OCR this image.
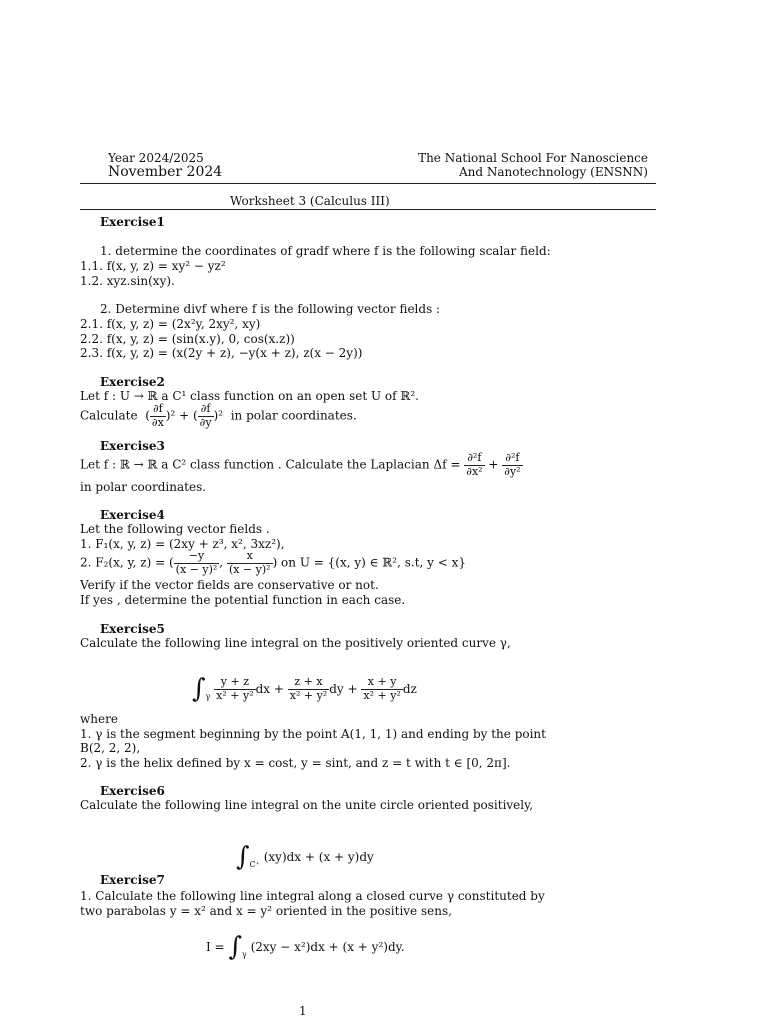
Year 2024/2025
November 2024
The National School For Nanoscience
And Nanotechnology (ENSNN)
Worksheet 3 (Calculus III)
Exercise1
1. determine the coordinates of gradf where f is the following scalar field:
1.1. f(x, y, z) = xy² − yz²
1.2. xyz.sin(xy).
2. Determine divf where f is the following vector fields :
2.1. f(x, y, z) = (2x²y, 2xy², xy)
2.2. f(x, y, z) = (sin(x.y), 0, cos(x.z))
2.3. f(x, y, z) = (x(2y + z), −y(x + z), z(x − 2y))
Exercise2
Let f : U → ℝ a C¹ class function on an open set U of ℝ².
Calculate  ( $\frac{\partial f}{\partial x} )^2$ + ( $\frac{\partial f}{\partial y} )^2$  in polar coordinates.
Exercise3
Let f : ℝ → ℝ a C² class function . Calculate the Laplacian $\Delta f = \frac{\text{∂²f}}{\text{∂x²}} + \frac{\text{∂²f}}{\text{∂y²}}$
in polar coordinates.
Exercise4
Let the following vector fields .
1. F₁(x, y, z) = (2xy + z³, x², 3xz²),
2. F₂(x, y, z) = ( $\frac{-y}{\text{(x − y)²}}$ , $\frac{x}{\text{(x − y)²}}$ ) on U = {(x, y) ∈ ℝ², s.t, y < x}
Verify if the vector fields are conservative or not.
If yes , determine the potential function in each case.
Exercise5
Calculate the following line integral on the positively oriented curve γ,
$\int_\gamma \frac{y + z}{\text{x² + y²}}$ dx + $\frac{z + x}{\text{x² + y²}}$ dy + $\frac{x + y}{\text{x² + y²}}$ dz
where
1. γ is the segment beginning by the point A(1, 1, 1) and ending by the point
B(2, 2, 2),
2. γ is the helix defined by x = cost, y = sint, and z = t with t ∈ [0, 2π].
Exercise6
Calculate the following line integral on the unite circle oriented positively,
$\int_{C^+}$ (xy)dx + (x + y)dy
Exercise7
1. Calculate the following line integral along a closed curve γ constituted by
two parabolas y = x² and x = y² oriented in the positive sens,
$I = \int_\gamma$ (2xy − x²)dx + (x + y²)dy.
1
